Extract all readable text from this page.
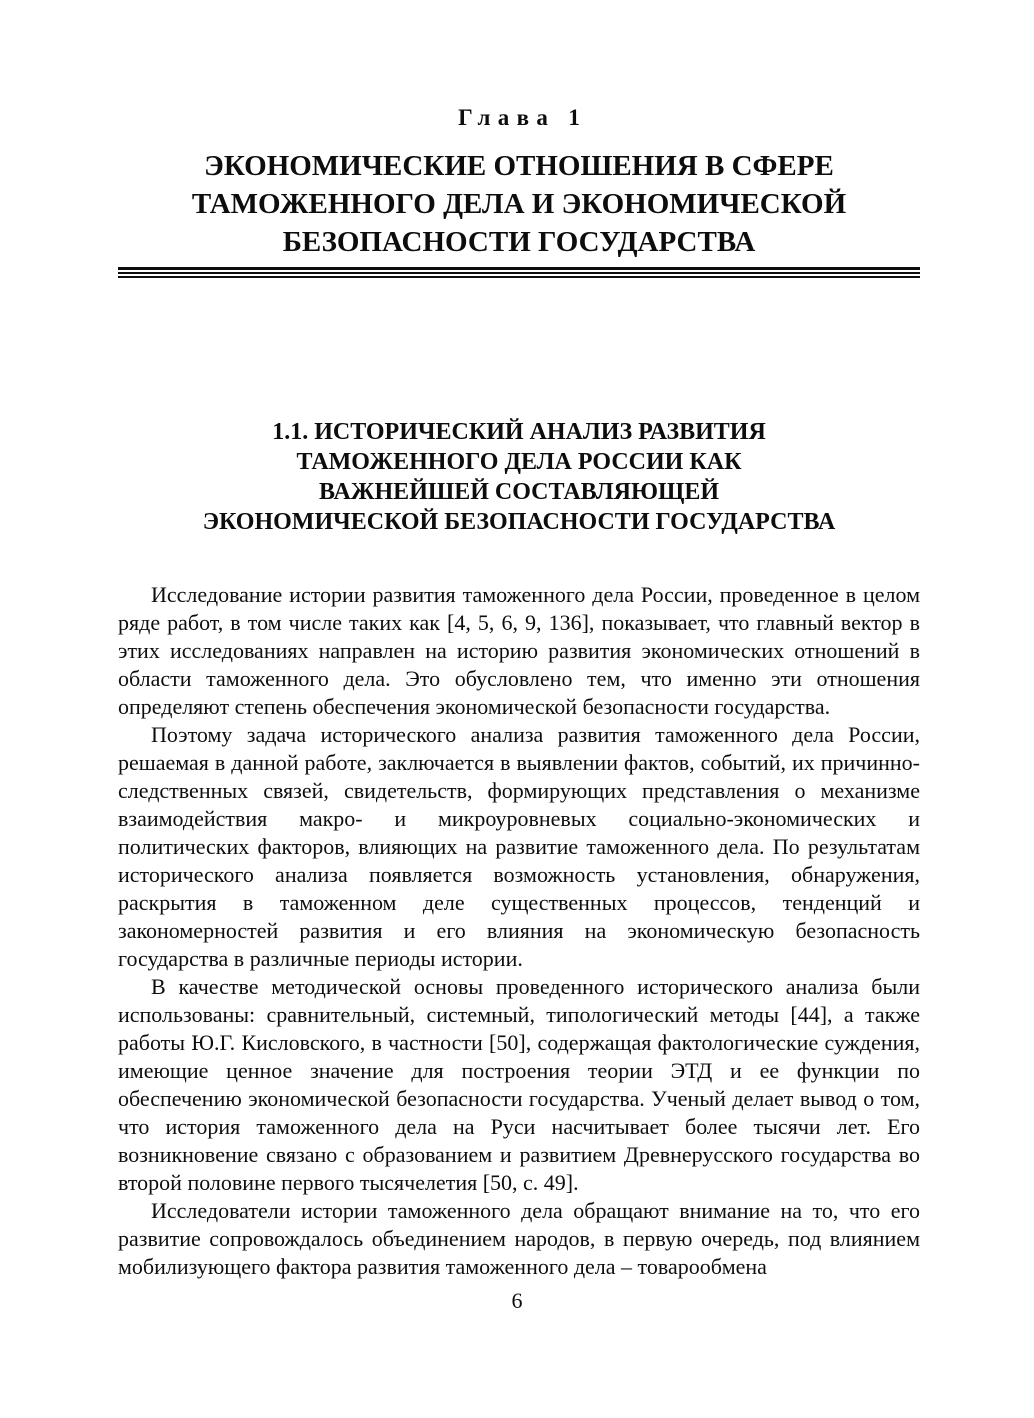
Глава 1
ЭКОНОМИЧЕСКИЕ ОТНОШЕНИЯ В СФЕРЕ
ТАМОЖЕННОГО ДЕЛА И ЭКОНОМИЧЕСКОЙ
БЕЗОПАСНОСТИ ГОСУДАРСТВА
1.1. ИСТОРИЧЕСКИЙ АНАЛИЗ РАЗВИТИЯ
ТАМОЖЕННОГО ДЕЛА РОССИИ КАК
ВАЖНЕЙШЕЙ СОСТАВЛЯЮЩЕЙ
ЭКОНОМИЧЕСКОЙ БЕЗОПАСНОСТИ ГОСУДАРСТВА

Исследование истории развития таможенного дела России, проведенное в целом ряде работ, в том числе таких как [4, 5, 6, 9, 136], показывает, что главный вектор в этих исследованиях направлен на историю развития экономических отношений в области таможенного дела. Это обусловлено тем, что именно эти отношения определяют степень обеспечения экономической безопасности государства.

Поэтому задача исторического анализа развития таможенного дела России, решаемая в данной работе, заключается в выявлении фактов, событий, их причинно-следственных связей, свидетельств, формирующих представления о механизме взаимодействия макро- и микроуровневых социально-экономических и политических факторов, влияющих на развитие таможенного дела. По результатам исторического анализа появляется возможность установления, обнаружения, раскрытия в таможенном деле существенных процессов, тенденций и закономерностей развития и его влияния на экономическую безопасность государства в различные периоды истории.

В качестве методической основы проведенного исторического анализа были использованы: сравнительный, системный, типологический методы [44], а также работы Ю.Г. Кисловского, в частности [50], содержащая фактологические суждения, имеющие ценное значение для построения теории ЭТД и ее функции по обеспечению экономической безопасности государства. Ученый делает вывод о том, что история таможенного дела на Руси насчитывает более тысячи лет. Его возникновение связано с образованием и развитием Древнерусского государства во второй половине первого тысячелетия [50, с. 49].

Исследователи истории таможенного дела обращают внимание на то, что его развитие сопровождалось объединением народов, в первую очередь, под влиянием мобилизующего фактора развития таможенного дела – товарообмена

6
